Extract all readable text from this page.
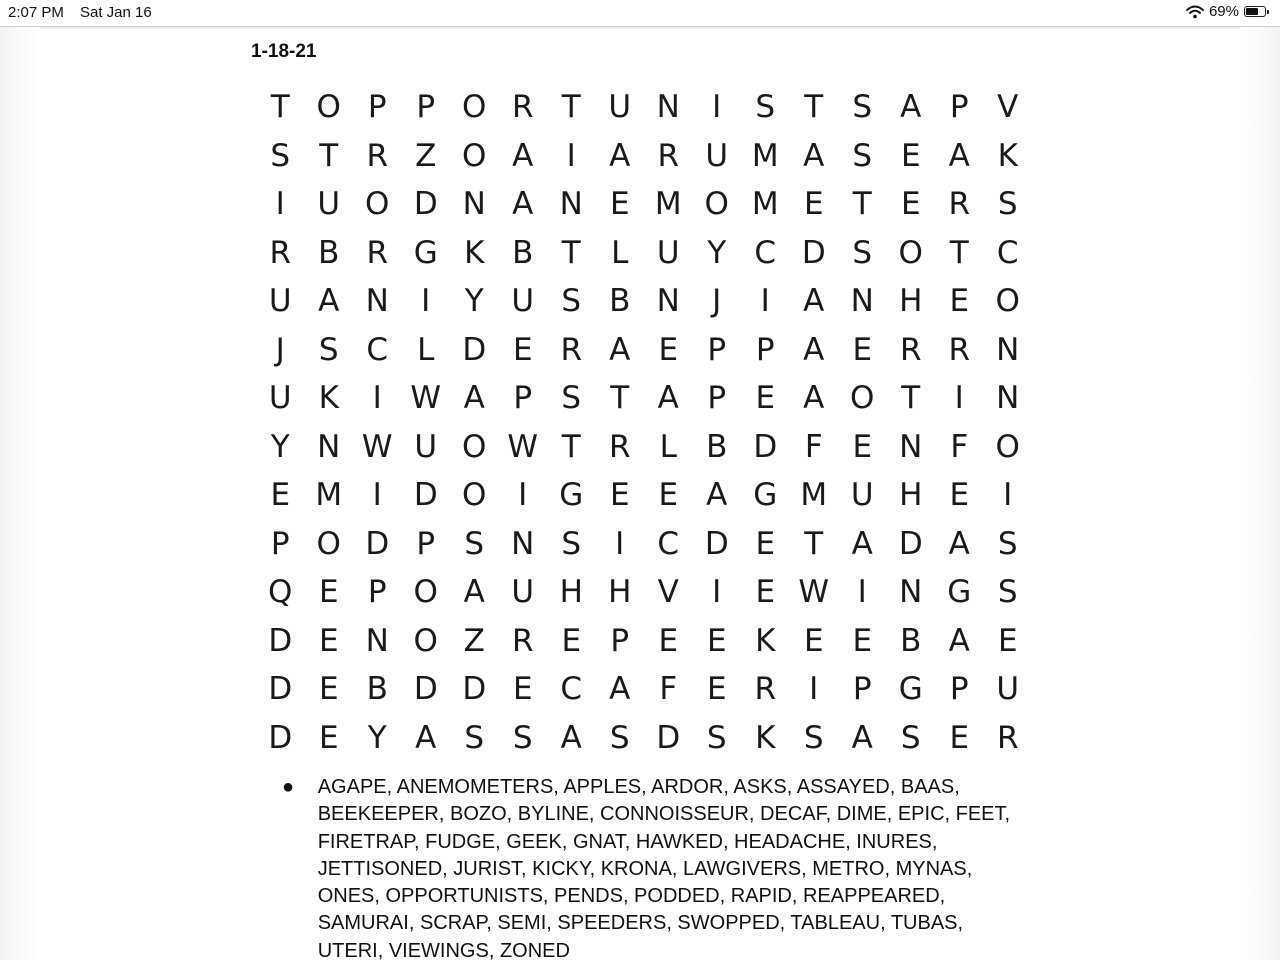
2:07 PM Sat Jan 16	69%
1-18-21
T O P P O R T U N	I	S T S A P V
S T R Z O A	I	A R U M A S E A K
I	U O D N A N E M O M E T E R S
R B R G K B T L U Y C D S O T C
U A N	I	Y U S B N	J	I	A N H E O
J	S C L D E R A E P P A E R R N
U K	I W A P S T A P E A O T	I	N
Y N W U O W T R L B D F E N F O
E M I	D O	I	G E E A G M U H E	I
P O D P S N S	I	C D E T A D A S
Q E P O A U H H V	I	E W I	N G S
D E N O Z R E P E E K E E B A E
D E B D D E C A F E R	I	P G P U
D E Y A S S A S D S K S A S E R
●	AGAPE, ANEMOMETERS, APPLES, ARDOR, ASKS, ASSAYED, BAAS, BEEKEEPER, BOZO, BYLINE, CONNOISSEUR, DECAF, DIME, EPIC, FEET, FIRETRAP, FUDGE, GEEK, GNAT, HAWKED, HEADACHE, INURES, JETTISONED, JURIST, KICKY, KRONA, LAWGIVERS, METRO, MYNAS, ONES, OPPORTUNISTS, PENDS, PODDED, RAPID, REAPPEARED, SAMURAI, SCRAP, SEMI, SPEEDERS, SWOPPED, TABLEAU, TUBAS, UTERI, VIEWINGS, ZONED
